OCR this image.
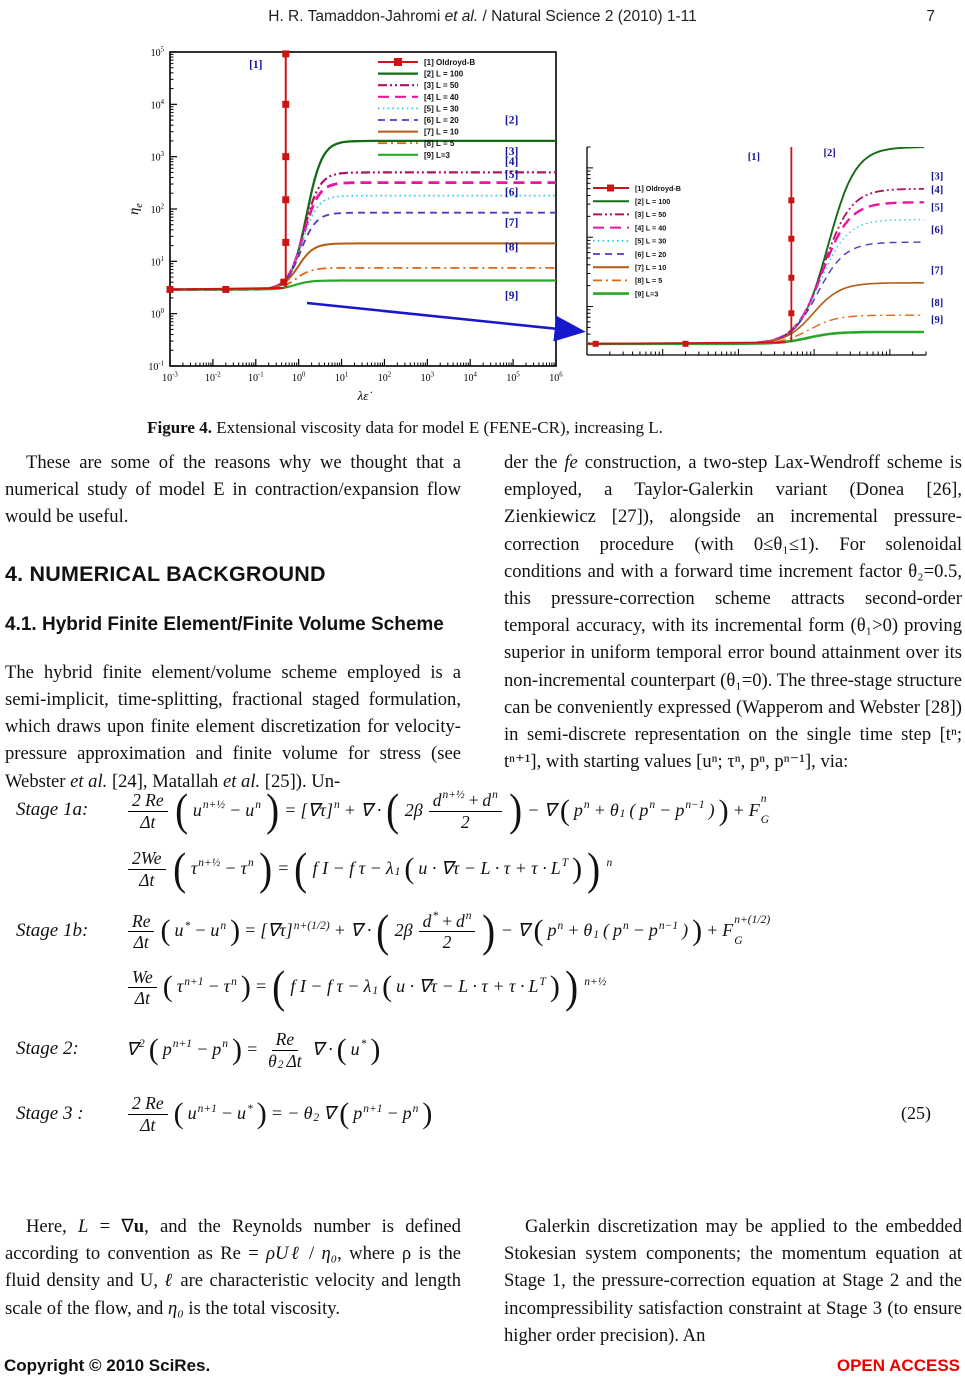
H. R. Tamaddon-Jahromi et al. / Natural Science 2 (2010) 1-11	7
$10^{-3}$	$10^{-2}$	$10^{-1}$	$10^0$	$10^1$	$10^2$	$10^3$	$10^4$	$10^5$	$10^6$
$10^{-1}$
$10^0$
$10^1$
$10^2$
$10^3$
$10^4$
$10^5$
λε̇
$\eta_e$
[1]
[2]
[3]
[4]
[5]
[6]
[7]
[8]
[9]
[1] Oldroyd-B
[2] L = 100
[3] L = 50
[4] L = 40
[5] L = 30
[6] L = 20
[7] L = 10
[8] L = 5
[9] L=3	[1]	[2]
[3]
[4]
[5]
[6]
[7]
[8]
[9]
[1] Oldroyd-B
[2] L = 100
[3] L = 50
[4] L = 40
[5] L = 30
[6] L = 20
[7] L = 10
[8] L = 5
[9] L=3
Figure 4. Extensional viscosity data for model E (FENE-CR), increasing L.

These are some of the reasons why we thought that a numerical study of model E in contraction/expansion flow would be useful.

4. NUMERICAL BACKGROUND
4.1. Hybrid Finite Element/Finite Volume Scheme

The hybrid finite element/volume scheme employed is a semi-implicit, time-splitting, fractional staged formulation, which draws upon finite element discretization for velocity-pressure approximation and finite volume for stress (see Webster et al. [24], Matallah et al. [25]). Un-

der the fe construction, a two-step Lax-Wendroff scheme is employed, a Taylor-Galerkin variant (Donea [26], Zienkiewicz [27]), alongside an incremental pressure-correction procedure (with 0≤θ₁≤1). For solenoidal conditions and with a forward time increment factor θ₂=0.5, this pressure-correction scheme attracts second-order temporal accuracy, with its incremental form (θ₁>0) proving superior in uniform temporal error bound attainment over its non-incremental counterpart (θ₁=0). The three-stage structure can be conveniently expressed (Wapperom and Webster [28]) in semi-discrete representation on the single time step [tⁿ; tⁿ⁺¹], with starting values [uⁿ; τⁿ, pⁿ, pⁿ⁻¹], via:

Stage 1a:	$\frac{2 Re}{\Delta t}$ ( u n+½ − u n ) = [∇τ] n + ∇ · ( $2\beta \frac{\text{d n+½ + d n}}{2}$ ) − ∇ ( p n + θ 1 ( p n − p n−1 ) ) + F
n
G
$\frac{2We}{\Delta t}$ ( τ n+½ − τ n ) = ( f I − f τ − λ 1 ( u · ∇τ − L · τ + τ · L T ) ) n
Stage 1b:	$\frac{Re}{\Delta t}$ ( u * − u n ) = [∇τ] n+(1/2) + ∇ · ( $2\beta \frac{\text{d * + d n}}{2}$ ) − ∇ ( p n + θ 1 ( p n − p n−1 ) ) + F
n+(1/2)
G
$\frac{We}{\Delta t}$ ( τ n+1 − τ n ) = ( f I − f τ − λ 1 ( u · ∇τ − L · τ + τ · L T ) ) n+½
Stage 2:	∇ 2 ( p n+1 − p n ) = $\frac{Re}{\theta 2 \Delta t}$ ∇ · ( u * )
Stage 3 :	$\frac{2 Re}{\Delta t}$ ( u n+1 − u * ) = − θ 2 ∇ ( p n+1 − p n )	(25)

Here, L = ∇u, and the Reynolds number is defined according to convention as Re = ρUℓ / η₀, where ρ is the fluid density and U, ℓ are characteristic velocity and length scale of the flow, and η₀ is the total viscosity.

Galerkin discretization may be applied to the embedded Stokesian system components; the momentum equation at Stage 1, the pressure-correction equation at Stage 2 and the incompressibility satisfaction constraint at Stage 3 (to ensure higher order precision). An

Copyright © 2010 SciRes.	OPEN ACCESS
